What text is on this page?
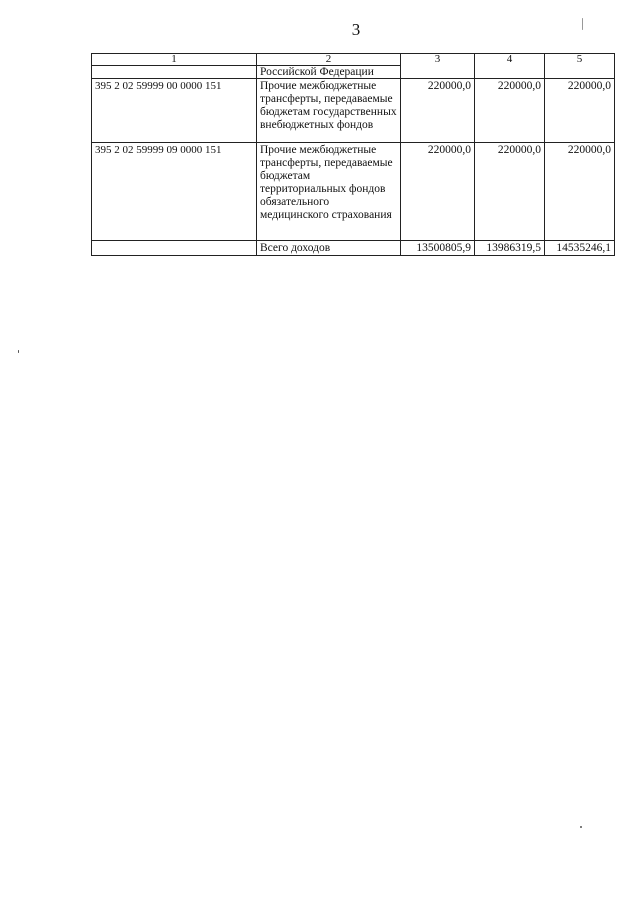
3
1	2	3	4	5
	Российской Федерации			
395 2 02 59999 00 0000 151	Прочие межбюджетные трансферты, передаваемые бюджетам государственных внебюджетных фондов	220000,0	220000,0	220000,0
395 2 02 59999 09 0000 151	Прочие межбюджетные трансферты, передаваемые бюджетам территориальных фондов обязательного медицинского страхования	220000,0	220000,0	220000,0
	Всего доходов	13500805,9	13986319,5	14535246,1
